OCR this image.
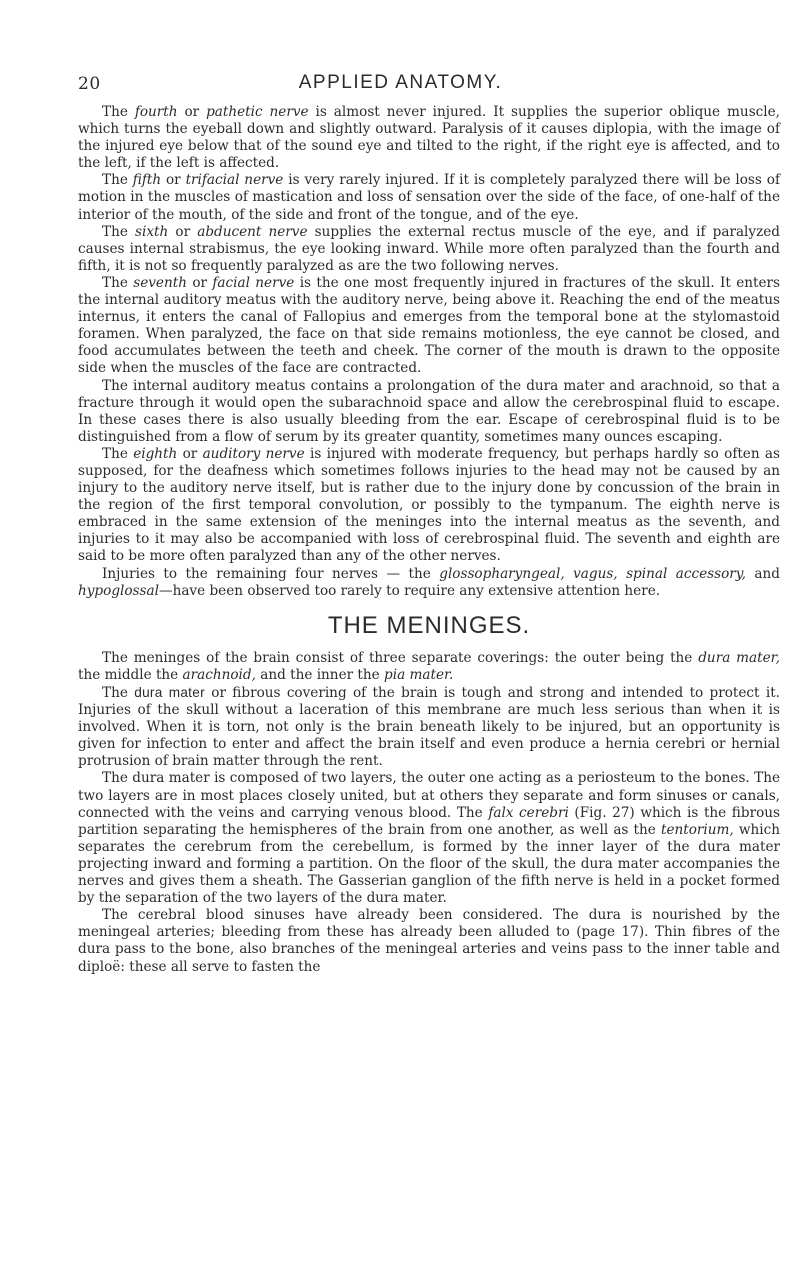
20	APPLIED ANATOMY.

The fourth or pathetic nerve is almost never injured. It supplies the superior oblique muscle, which turns the eyeball down and slightly outward. Paralysis of it causes diplopia, with the image of the injured eye below that of the sound eye and tilted to the right, if the right eye is affected, and to the left, if the left is affected.

The fifth or trifacial nerve is very rarely injured. If it is completely paralyzed there will be loss of motion in the muscles of mastication and loss of sensation over the side of the face, of one-half of the interior of the mouth, of the side and front of the tongue, and of the eye.

The sixth or abducent nerve supplies the external rectus muscle of the eye, and if paralyzed causes internal strabismus, the eye looking inward. While more often paralyzed than the fourth and fifth, it is not so frequently paralyzed as are the two following nerves.

The seventh or facial nerve is the one most frequently injured in fractures of the skull. It enters the internal auditory meatus with the auditory nerve, being above it. Reaching the end of the meatus internus, it enters the canal of Fallopius and emerges from the temporal bone at the stylomastoid foramen. When paralyzed, the face on that side remains motionless, the eye cannot be closed, and food accumulates between the teeth and cheek. The corner of the mouth is drawn to the opposite side when the muscles of the face are contracted.

The internal auditory meatus contains a prolongation of the dura mater and arachnoid, so that a fracture through it would open the subarachnoid space and allow the cerebrospinal fluid to escape. In these cases there is also usually bleeding from the ear. Escape of cerebrospinal fluid is to be distinguished from a flow of serum by its greater quantity, sometimes many ounces escaping.

The eighth or auditory nerve is injured with moderate frequency, but perhaps hardly so often as supposed, for the deafness which sometimes follows injuries to the head may not be caused by an injury to the auditory nerve itself, but is rather due to the injury done by concussion of the brain in the region of the first temporal convolution, or possibly to the tympanum. The eighth nerve is embraced in the same extension of the meninges into the internal meatus as the seventh, and injuries to it may also be accompanied with loss of cerebrospinal fluid. The seventh and eighth are said to be more often paralyzed than any of the other nerves.

Injuries to the remaining four nerves — the glossopharyngeal, vagus, spinal accessory, and hypoglossal—have been observed too rarely to require any extensive attention here.

THE MENINGES.

The meninges of the brain consist of three separate coverings: the outer being the dura mater, the middle the arachnoid, and the inner the pia mater.

The dura mater or fibrous covering of the brain is tough and strong and intended to protect it. Injuries of the skull without a laceration of this membrane are much less serious than when it is involved. When it is torn, not only is the brain beneath likely to be injured, but an opportunity is given for infection to enter and affect the brain itself and even produce a hernia cerebri or hernial protrusion of brain matter through the rent.

The dura mater is composed of two layers, the outer one acting as a periosteum to the bones. The two layers are in most places closely united, but at others they separate and form sinuses or canals, connected with the veins and carrying venous blood. The falx cerebri (Fig. 27) which is the fibrous partition separating the hemispheres of the brain from one another, as well as the tentorium, which separates the cerebrum from the cerebellum, is formed by the inner layer of the dura mater projecting inward and forming a partition. On the floor of the skull, the dura mater accompanies the nerves and gives them a sheath. The Gasserian ganglion of the fifth nerve is held in a pocket formed by the separation of the two layers of the dura mater.

The cerebral blood sinuses have already been considered. The dura is nourished by the meningeal arteries; bleeding from these has already been alluded to (page 17). Thin fibres of the dura pass to the bone, also branches of the meningeal arteries and veins pass to the inner table and diploë: these all serve to fasten the
